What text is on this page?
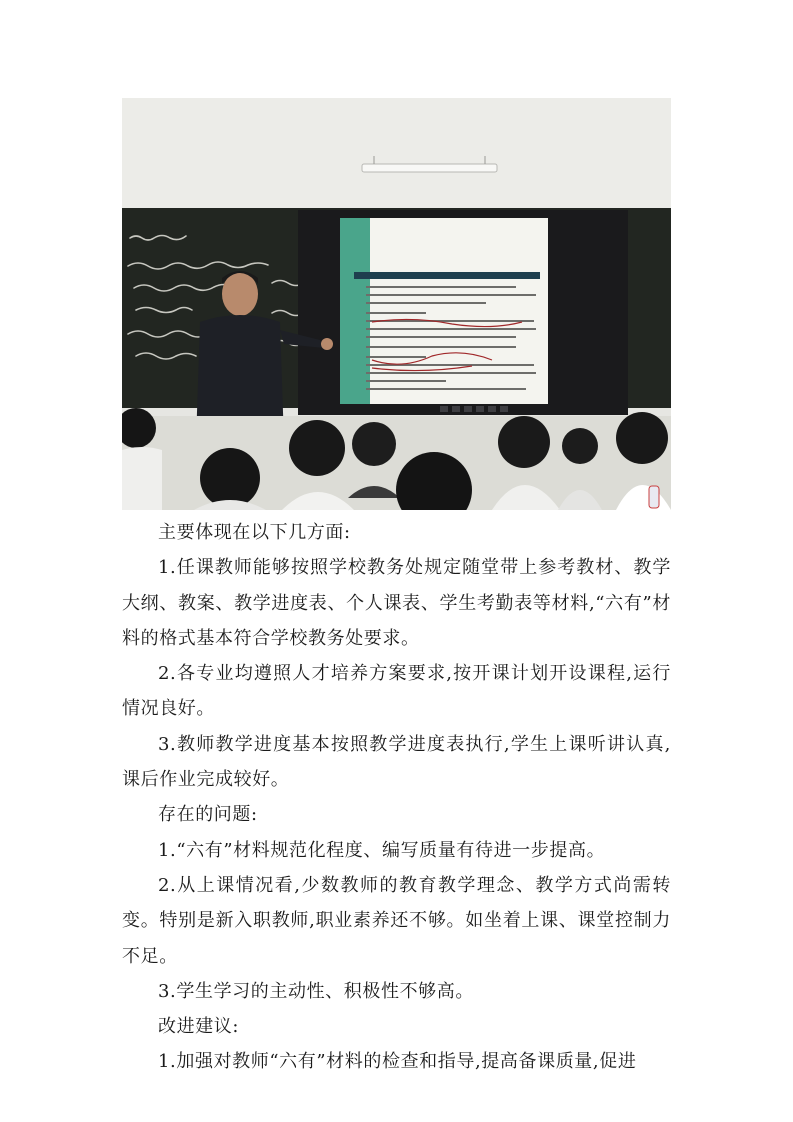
主要体现在以下几方面:

1.任课教师能够按照学校教务处规定随堂带上参考教材、教学大纲、教案、教学进度表、个人课表、学生考勤表等材料,“六有”材料的格式基本符合学校教务处要求。

2.各专业均遵照人才培养方案要求,按开课计划开设课程,运行情况良好。

3.教师教学进度基本按照教学进度表执行,学生上课听讲认真,课后作业完成较好。

存在的问题:

1.“六有”材料规范化程度、编写质量有待进一步提高。

2.从上课情况看,少数教师的教育教学理念、教学方式尚需转变。特别是新入职教师,职业素养还不够。如坐着上课、课堂控制力不足。

3.学生学习的主动性、积极性不够高。

改进建议:

1.加强对教师“六有”材料的检查和指导,提高备课质量,促进
